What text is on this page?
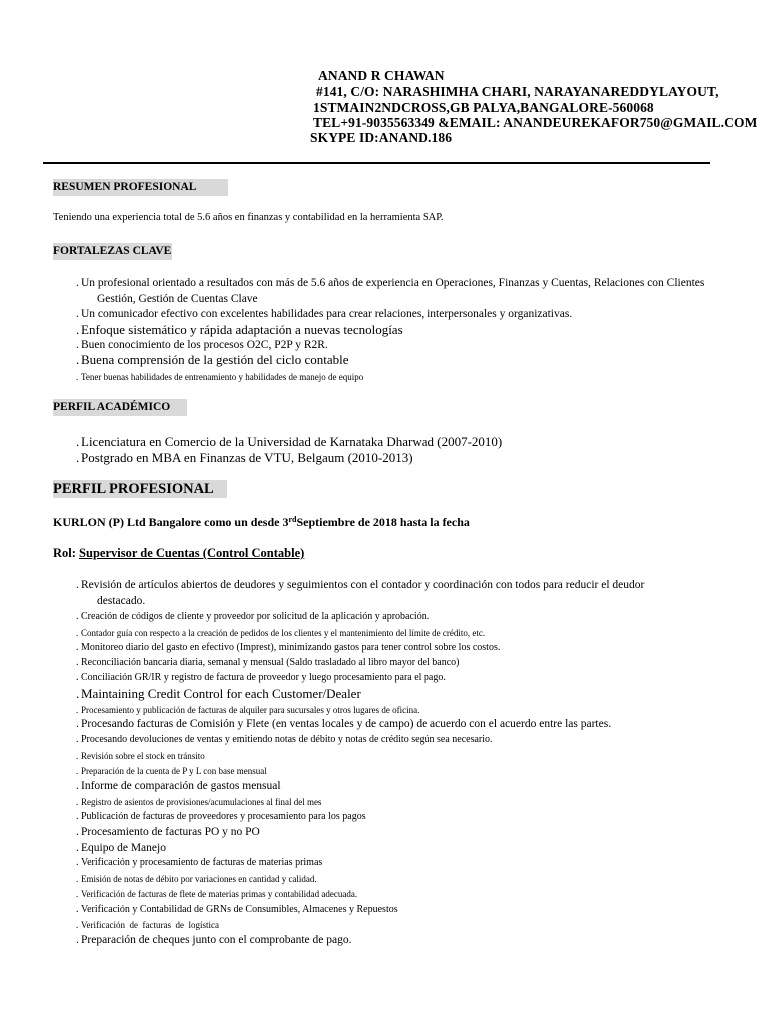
ANAND R CHAWAN
#141, C/O: NARASHIMHA CHARI, NARAYANAREDDYLAYOUT,
1STMAIN2NDCROSS,GB PALYA,BANGALORE-560068
TEL+91-9035563349 &EMAIL: ANANDEUREKAFOR750@GMAIL.COM
SKYPE ID:ANAND.186
RESUMEN PROFESIONAL
Teniendo una experiencia total de 5.6 años en finanzas y contabilidad en la herramienta SAP.
FORTALEZAS CLAVE
. Un profesional orientado a resultados con más de 5.6 años de experiencia en Operaciones, Finanzas y Cuentas, Relaciones con Clientes
Gestión, Gestión de Cuentas Clave
. Un comunicador efectivo con excelentes habilidades para crear relaciones, interpersonales y organizativas.
. Enfoque sistemático y rápida adaptación a nuevas tecnologías
. Buen conocimiento de los procesos O2C, P2P y R2R.
. Buena comprensión de la gestión del ciclo contable
. Tener buenas habilidades de entrenamiento y habilidades de manejo de equipo
PERFIL ACADÉMICO
. Licenciatura en Comercio de la Universidad de Karnataka Dharwad (2007-2010)
. Postgrado en MBA en Finanzas de VTU, Belgaum (2010-2013)
PERFIL PROFESIONAL
KURLON (P) Ltd Bangalore como un desde 3rdSeptiembre de 2018 hasta la fecha
Rol: Supervisor de Cuentas (Control Contable)
. Revisión de artículos abiertos de deudores y seguimientos con el contador y coordinación con todos para reducir el deudor
destacado.
. Creación de códigos de cliente y proveedor por solicitud de la aplicación y aprobación.
. Contador guía con respecto a la creación de pedidos de los clientes y el mantenimiento del límite de crédito, etc.
. Monitoreo diario del gasto en efectivo (Imprest), minimizando gastos para tener control sobre los costos.
. Reconciliación bancaria diaria, semanal y mensual (Saldo trasladado al libro mayor del banco)
. Conciliación GR/IR y registro de factura de proveedor y luego procesamiento para el pago.
. Maintaining Credit Control for each Customer/Dealer
. Procesamiento y publicación de facturas de alquiler para sucursales y otros lugares de oficina.
. Procesando facturas de Comisión y Flete (en ventas locales y de campo) de acuerdo con el acuerdo entre las partes.
. Procesando devoluciones de ventas y emitiendo notas de débito y notas de crédito según sea necesario.
. Revisión sobre el stock en tránsito
. Preparación de la cuenta de P y L con base mensual
. Informe de comparación de gastos mensual
. Registro de asientos de provisiones/acumulaciones al final del mes
. Publicación de facturas de proveedores y procesamiento para los pagos
. Procesamiento de facturas PO y no PO
. Equipo de Manejo
. Verificación y procesamiento de facturas de materias primas
. Emisión de notas de débito por variaciones en cantidad y calidad.
. Verificación de facturas de flete de materias primas y contabilidad adecuada.
. Verificación y Contabilidad de GRNs de Consumibles, Almacenes y Repuestos
. Verificación  de  facturas  de  logística
. Preparación de cheques junto con el comprobante de pago.
